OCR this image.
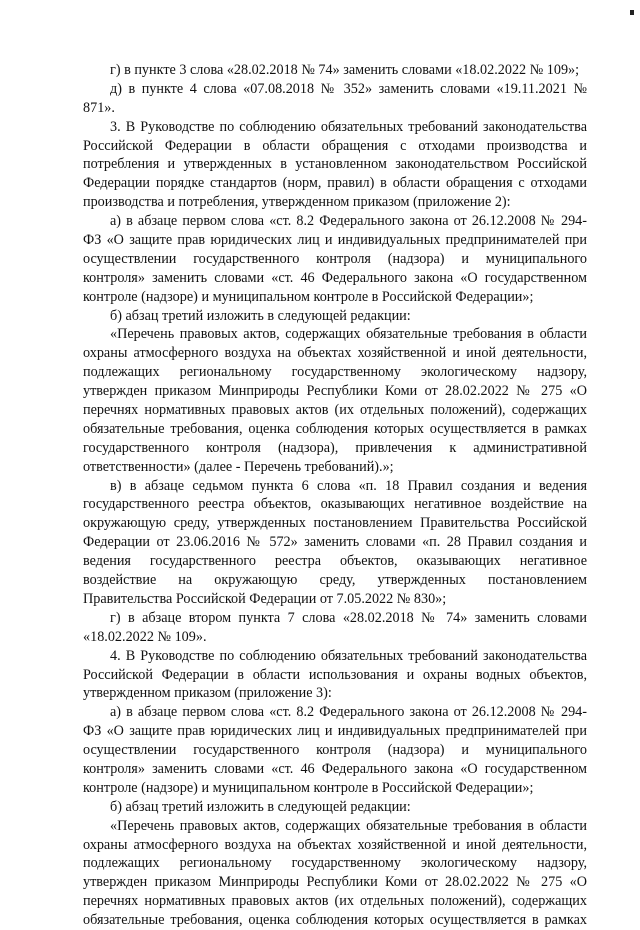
г) в пункте 3 слова «28.02.2018 № 74» заменить словами «18.02.2022 № 109»;
д) в пункте 4 слова «07.08.2018 № 352» заменить словами «19.11.2021 №
871».
3. В Руководстве по соблюдению обязательных требований законодательства
Российской Федерации в области обращения с отходами производства и
потребления и утвержденных в установленном законодательством Российской
Федерации порядке стандартов (норм, правил) в области обращения с отходами
производства и потребления, утвержденном приказом (приложение 2):
а) в абзаце первом слова «ст. 8.2 Федерального закона от 26.12.2008 № 294-
ФЗ «О защите прав юридических лиц и индивидуальных предпринимателей при
осуществлении государственного контроля (надзора) и муниципального
контроля» заменить словами «ст. 46 Федерального закона «О государственном
контроле (надзоре) и муниципальном контроле в Российской Федерации»;
б) абзац третий изложить в следующей редакции:
«Перечень правовых актов, содержащих обязательные требования в области
охраны атмосферного воздуха на объектах хозяйственной и иной деятельности,
подлежащих региональному государственному экологическому надзору,
утвержден приказом Минприроды Республики Коми от 28.02.2022 № 275 «О
перечнях нормативных правовых актов (их отдельных положений), содержащих
обязательные требования, оценка соблюдения которых осуществляется в рамках
государственного контроля (надзора), привлечения к административной
ответственности» (далее - Перечень требований).»;
в) в абзаце седьмом пункта 6 слова «п. 18 Правил создания и ведения
государственного реестра объектов, оказывающих негативное воздействие на
окружающую среду, утвержденных постановлением Правительства Российской
Федерации от 23.06.2016 № 572» заменить словами «п. 28 Правил создания и
ведения государственного реестра объектов, оказывающих негативное
воздействие на окружающую среду, утвержденных постановлением
Правительства Российской Федерации от 7.05.2022 № 830»;
г) в абзаце втором пункта 7 слова «28.02.2018 № 74» заменить словами
«18.02.2022 № 109».
4. В Руководстве по соблюдению обязательных требований законодательства
Российской Федерации в области использования и охраны водных объектов,
утвержденном приказом (приложение 3):
а) в абзаце первом слова «ст. 8.2 Федерального закона от 26.12.2008 № 294-
ФЗ «О защите прав юридических лиц и индивидуальных предпринимателей при
осуществлении государственного контроля (надзора) и муниципального
контроля» заменить словами «ст. 46 Федерального закона «О государственном
контроле (надзоре) и муниципальном контроле в Российской Федерации»;
б) абзац третий изложить в следующей редакции:
«Перечень правовых актов, содержащих обязательные требования в области
охраны атмосферного воздуха на объектах хозяйственной и иной деятельности,
подлежащих региональному государственному экологическому надзору,
утвержден приказом Минприроды Республики Коми от 28.02.2022 № 275 «О
перечнях нормативных правовых актов (их отдельных положений), содержащих
обязательные требования, оценка соблюдения которых осуществляется в рамках
